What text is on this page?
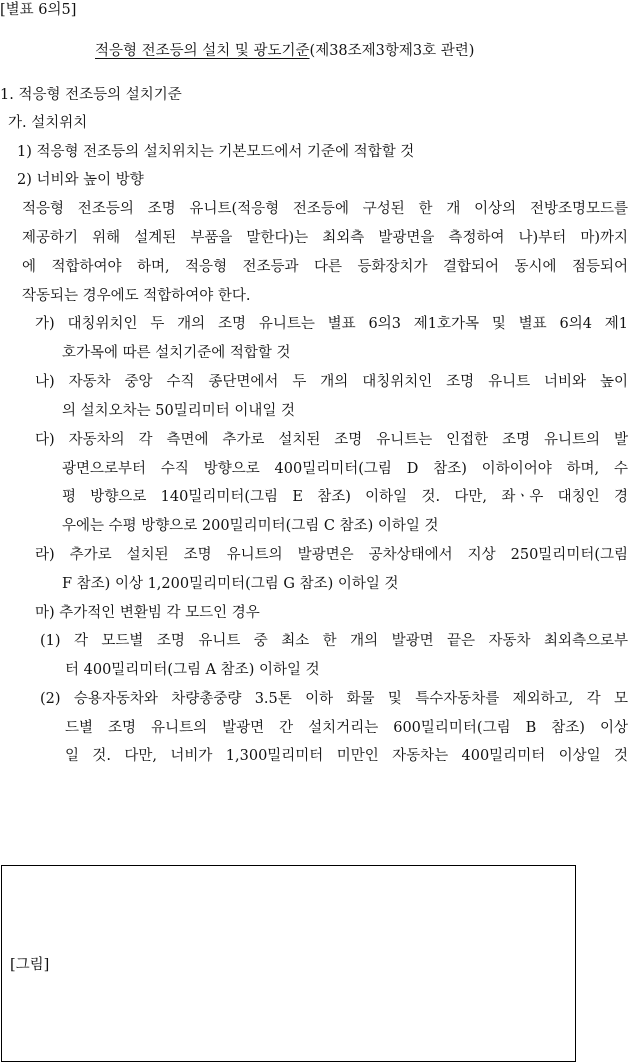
[별표 6의5]
적응형 전조등의 설치 및 광도기준(제38조제3항제3호 관련)
1. 적응형 전조등의 설치기준
가. 설치위치
1) 적응형 전조등의 설치위치는 기본모드에서 기준에 적합할 것
2) 너비와 높이 방향
적응형 전조등의 조명 유니트(적응형 전조등에 구성된 한 개 이상의 전방조명모드를
제공하기 위해 설계된 부품을 말한다)는 최외측 발광면을 측정하여 나)부터 마)까지
에 적합하여야 하며, 적응형 전조등과 다른 등화장치가 결합되어 동시에 점등되어
작동되는 경우에도 적합하여야 한다.
가) 대칭위치인 두 개의 조명 유니트는 별표 6의3 제1호가목 및 별표 6의4 제1
호가목에 따른 설치기준에 적합할 것
나) 자동차 중앙 수직 종단면에서 두 개의 대칭위치인 조명 유니트 너비와 높이
의 설치오차는 50밀리미터 이내일 것
다) 자동차의 각 측면에 추가로 설치된 조명 유니트는 인접한 조명 유니트의 발
광면으로부터 수직 방향으로 400밀리미터(그림 D 참조) 이하이어야 하며, 수
평 방향으로 140밀리미터(그림 E 참조) 이하일 것. 다만, 좌ㆍ우 대칭인 경
우에는 수평 방향으로 200밀리미터(그림 C 참조) 이하일 것
라) 추가로 설치된 조명 유니트의 발광면은 공차상태에서 지상 250밀리미터(그림
F 참조) 이상 1,200밀리미터(그림 G 참조) 이하일 것
마) 추가적인 변환빔 각 모드인 경우
(1) 각 모드별 조명 유니트 중 최소 한 개의 발광면 끝은 자동차 최외측으로부
터 400밀리미터(그림 A 참조) 이하일 것
(2) 승용자동차와 차량총중량 3.5톤 이하 화물 및 특수자동차를 제외하고, 각 모
드별 조명 유니트의 발광면 간 설치거리는 600밀리미터(그림 B 참조) 이상
일 것. 다만, 너비가 1,300밀리미터 미만인 자동차는 400밀리미터 이상일 것
[그림]
